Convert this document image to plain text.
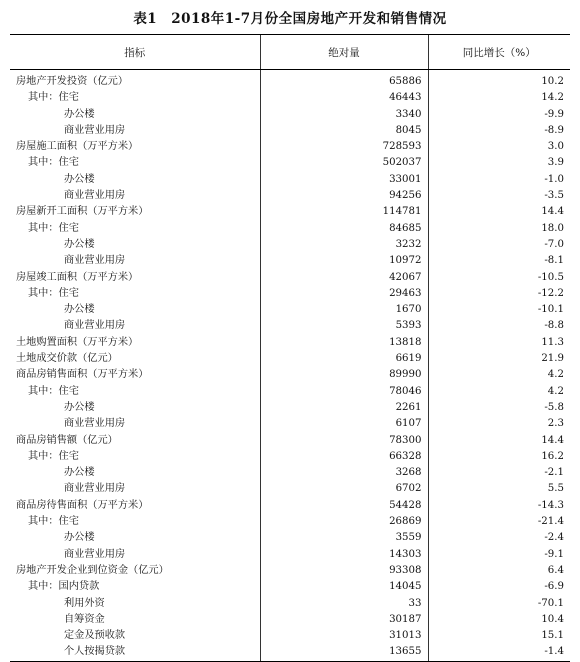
表1　2018年1-7月份全国房地产开发和销售情况
指标	绝对量	同比增长（%）
房地产开发投资（亿元）	65886	10.2
其中：住宅	46443	14.2
办公楼	3340	-9.9
商业营业用房	8045	-8.9
房屋施工面积（万平方米）	728593	3.0
其中：住宅	502037	3.9
办公楼	33001	-1.0
商业营业用房	94256	-3.5
房屋新开工面积（万平方米）	114781	14.4
其中：住宅	84685	18.0
办公楼	3232	-7.0
商业营业用房	10972	-8.1
房屋竣工面积（万平方米）	42067	-10.5
其中：住宅	29463	-12.2
办公楼	1670	-10.1
商业营业用房	5393	-8.8
土地购置面积（万平方米）	13818	11.3
土地成交价款（亿元）	6619	21.9
商品房销售面积（万平方米）	89990	4.2
其中：住宅	78046	4.2
办公楼	2261	-5.8
商业营业用房	6107	2.3
商品房销售额（亿元）	78300	14.4
其中：住宅	66328	16.2
办公楼	3268	-2.1
商业营业用房	6702	5.5
商品房待售面积（万平方米）	54428	-14.3
其中：住宅	26869	-21.4
办公楼	3559	-2.4
商业营业用房	14303	-9.1
房地产开发企业到位资金（亿元）	93308	6.4
其中：国内贷款	14045	-6.9
利用外资	33	-70.1
自筹资金	30187	10.4
定金及预收款	31013	15.1
个人按揭贷款	13655	-1.4
